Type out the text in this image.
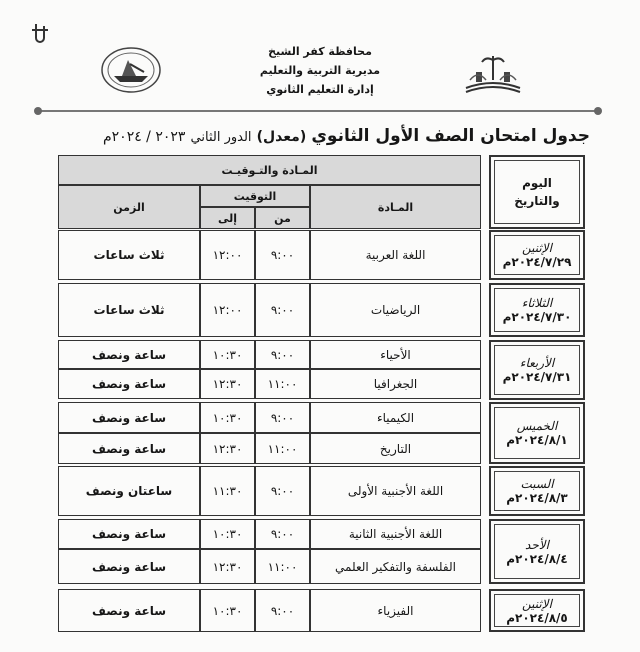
محافظة كفر الشيخ
مديرية التربية والتعليم
إدارة التعليم الثانوي
جدول امتحان الصف الأول الثانوي (معدل) الدور الثاني ٢٠٢٣ / ٢٠٢٤م
المـادة والتـوقيـت
المـادة
التوقيت
من
إلى
الزمن
اليوم
والتاريخ
اللغة العربية
٩:٠٠
١٢:٠٠
ثلاث ساعات
الرياضيات
٩:٠٠
١٢:٠٠
ثلاث ساعات
الأحياء
٩:٠٠
١٠:٣٠
ساعة ونصف
الجغرافيا
١١:٠٠
١٢:٣٠
ساعة ونصف
الكيمياء
٩:٠٠
١٠:٣٠
ساعة ونصف
التاريخ
١١:٠٠
١٢:٣٠
ساعة ونصف
اللغة الأجنبية الأولى
٩:٠٠
١١:٣٠
ساعتان ونصف
اللغة الأجنبية الثانية
٩:٠٠
١٠:٣٠
ساعة ونصف
الفلسفة والتفكير العلمي
١١:٠٠
١٢:٣٠
ساعة ونصف
الفيزياء
٩:٠٠
١٠:٣٠
ساعة ونصف
الإثنين
٢٠٢٤/٧/٢٩م
الثلاثاء
٢٠٢٤/٧/٣٠م
الأربعاء
٢٠٢٤/٧/٣١م
الخميس
٢٠٢٤/٨/١م
السبت
٢٠٢٤/٨/٣م
الأحد
٢٠٢٤/٨/٤م
الإثنين
٢٠٢٤/٨/٥م
